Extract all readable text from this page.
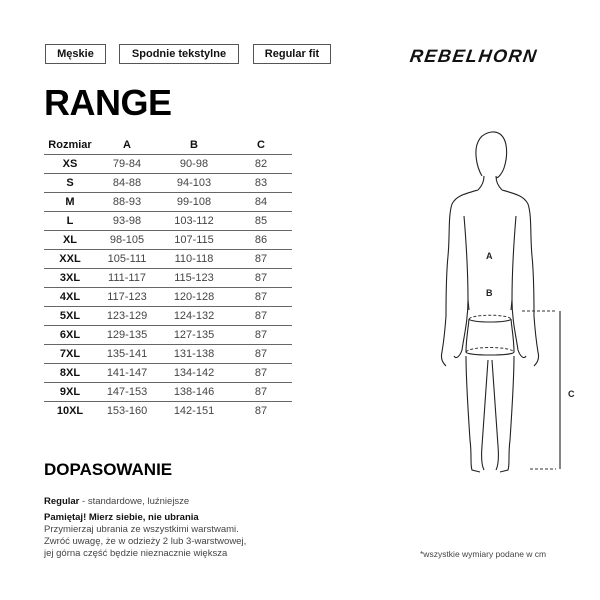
Męskie	Spodnie tekstylne	Regular fit	REBELHORN
RANGE
Rozmiar	A	B	C
XS	79-84	90-98	82
S	84-88	94-103	83
M	88-93	99-108	84
L	93-98	103-112	85
XL	98-105	107-115	86
XXL	105-111	110-118	87
3XL	111-117	115-123	87
4XL	117-123	120-128	87
5XL	123-129	124-132	87
6XL	129-135	127-135	87
7XL	135-141	131-138	87
8XL	141-147	134-142	87
9XL	147-153	138-146	87
10XL	153-160	142-151	87
DOPASOWANIE
Regular - standardowe, luźniejsze
Pamiętaj! Mierz siebie, nie ubrania
Przymierzaj ubrania ze wszystkimi warstwami.
Zwróć uwagę, że w odzieży 2 lub 3-warstwowej,
jej górna część będzie nieznacznie większa
A
B
C
*wszystkie wymiary podane w cm
